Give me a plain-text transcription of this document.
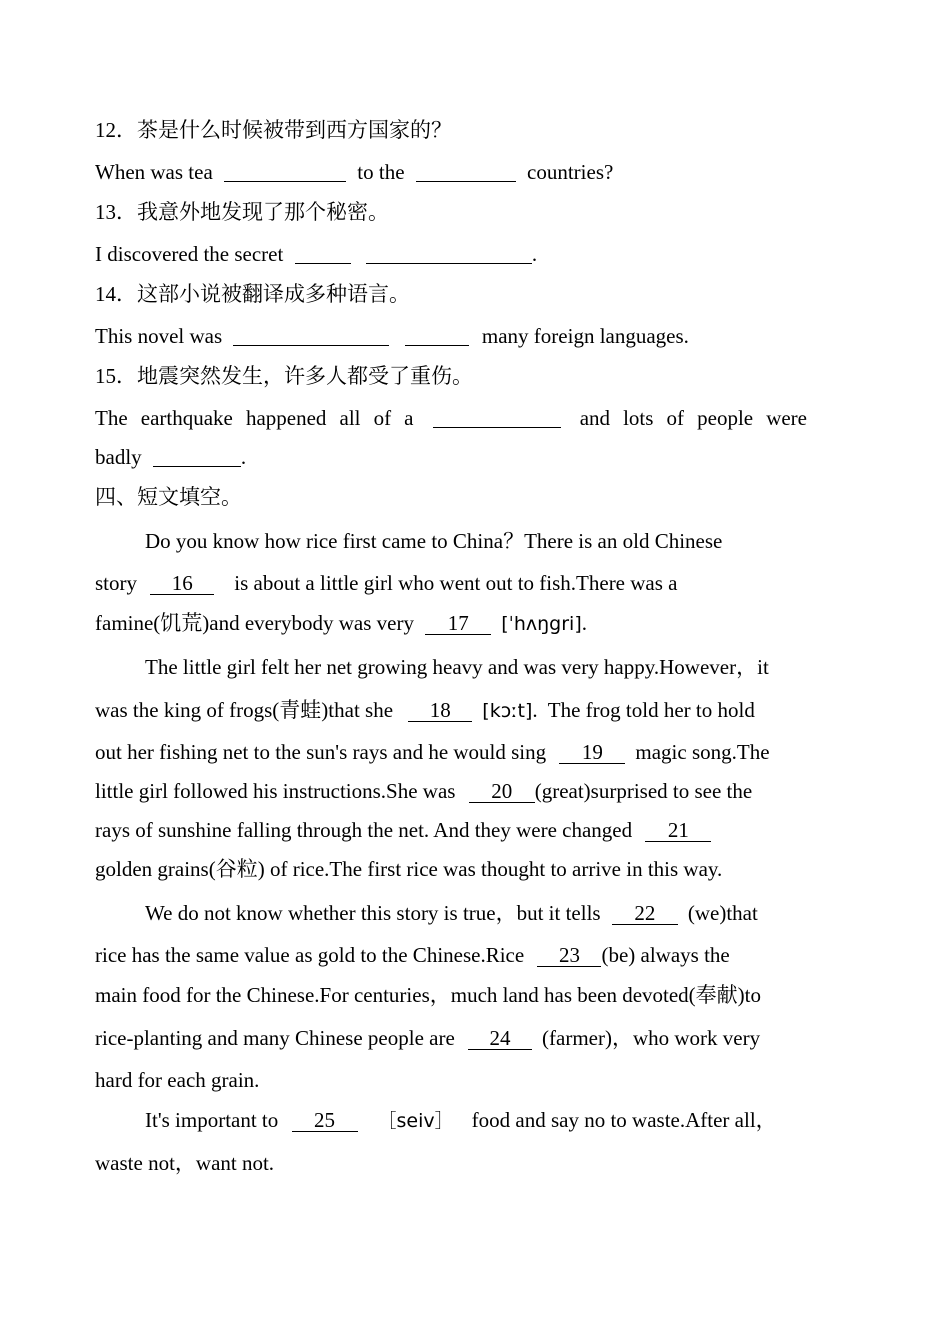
12．茶是什么时候被带到西方国家的？
When was tea	to the	countries?
13．我意外地发现了那个秘密。
I discovered the secret	.
14．这部小说被翻译成多种语言。
This novel was	many foreign languages.
15．地震突然发生，许多人都受了重伤。
The earthquake happened all of a	and lots of people were
badly	.
四、短文填空。
Do you know how rice first came to China？There is an old Chinese
story 16 is about a little girl who went out to fish.There was a
famine(饥荒)and everybody was very 17 [ˈhʌŋgri].
The little girl felt her net growing heavy and was very happy.However，it
was the king of frogs(青蛙)that she 18 [kɔːt].  The frog told her to hold
out her fishing net to the sun's rays and he would sing 19 magic song.The
little girl followed his instructions.She was 20 (great)surprised to see the
rays of sunshine falling through the net. And they were changed 21
golden grains(谷粒) of rice.The first rice was thought to arrive in this way.
We do not know whether this story is true，but it tells 22 (we)that
rice has the same value as gold to the Chinese.Rice 23 (be) always the
main food for the Chinese.For centuries，much land has been devoted(奉献)to
rice-planting and many Chinese people are 24 (farmer)，who work very
hard for each grain.
It's important to 25 ［seiv］ food and say no to waste.After all，
waste not，want not.
